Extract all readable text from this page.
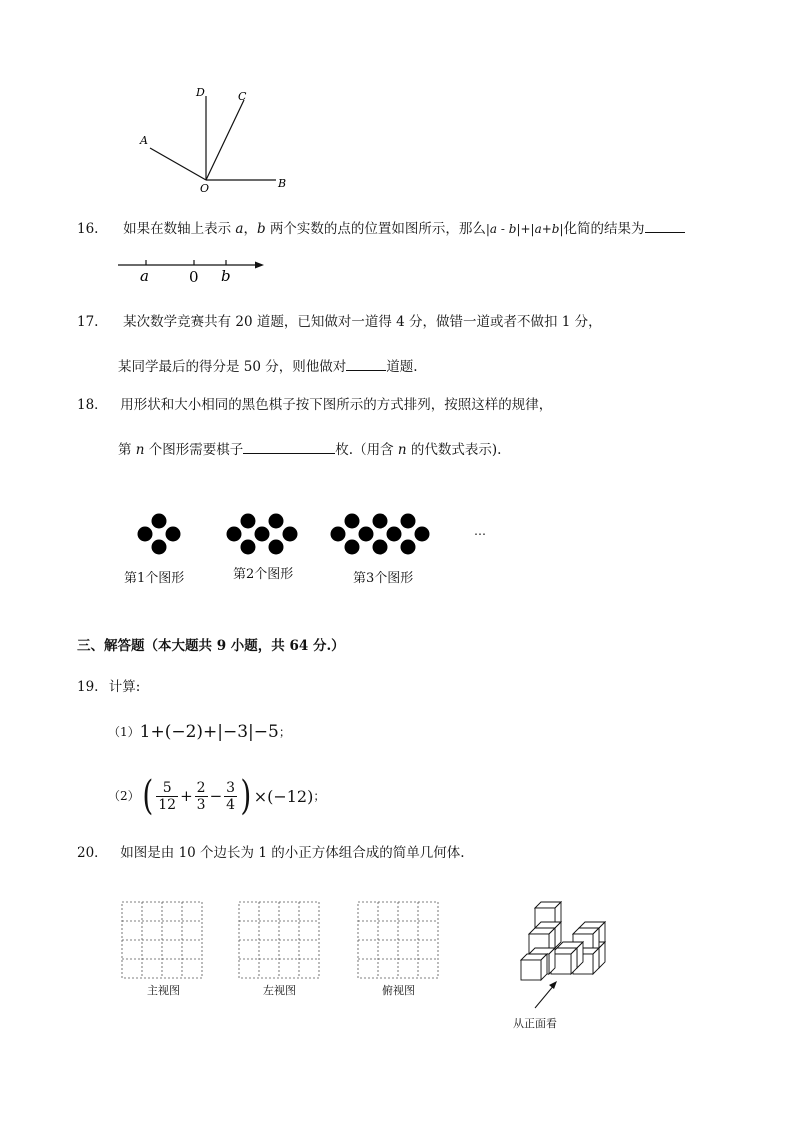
D	C
A
O	B
16. 如果在数轴上表示 a，b 两个实数的点的位置如图所示，那么|a - b|+|a+b|化简的结果为
a	0 b
17. 某次数学竞赛共有 20 道题，已知做对一道得 4 分，做错一道或者不做扣 1 分，
某同学最后的得分是 50 分，则他做对	道题.
18． 用形状和大小相同的黑色棋子按下图所示的方式排列，按照这样的规律，
第 n 个图形需要棋子	枚.（用含 n 的代数式表示).
…
第1个图形	第2个图形	第3个图形
三、解答题（本大题共 9 小题，共 64 分.）
19. 计算:
（1） 1+(−2)+|−3|−5 ；
（2） ( 5
12 + 2
3 − 3
4 ) ×(−12) ；
20． 如图是由 10 个边长为 1 的小正方体组合成的简单几何体.
主视图	左视图	俯视图
从正面看
